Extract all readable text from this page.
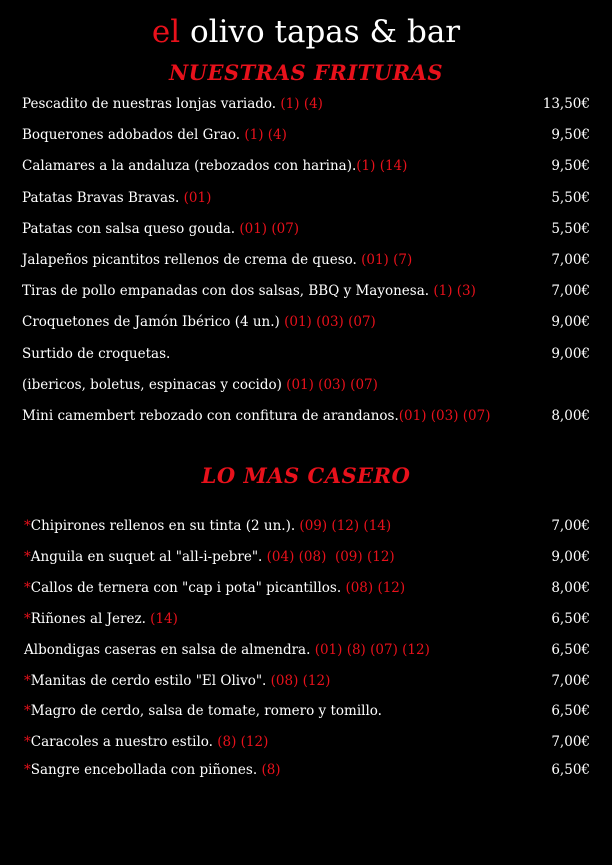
el olivo tapas & bar
NUESTRAS FRITURAS
LO MAS CASERO
Pescadito de nuestras lonjas variado. (1) (4)	13,50€
Boquerones adobados del Grao. (1) (4)	9,50€
Calamares a la andaluza (rebozados con harina).(1) (14)	9,50€
Patatas Bravas Bravas. (01)	5,50€
Patatas con salsa queso gouda. (01) (07)	5,50€
Jalapeños picantitos rellenos de crema de queso. (01) (7)	7,00€
Tiras de pollo empanadas con dos salsas, BBQ y Mayonesa. (1) (3)	7,00€
Croquetones de Jamón Ibérico (4 un.) (01) (03) (07)	9,00€
Surtido de croquetas.	9,00€
(ibericos, boletus, espinacas y cocido) (01) (03) (07)
Mini camembert rebozado con confitura de arandanos.(01) (03) (07)	8,00€
*Chipirones rellenos en su tinta (2 un.). (09) (12) (14)	7,00€
*Anguila en suquet al "all-i-pebre". (04) (08)  (09) (12)	9,00€
*Callos de ternera con "cap i pota" picantillos. (08) (12)	8,00€
*Riñones al Jerez. (14)	6,50€
Albondigas caseras en salsa de almendra. (01) (8) (07) (12)	6,50€
*Manitas de cerdo estilo "El Olivo". (08) (12)	7,00€
*Magro de cerdo, salsa de tomate, romero y tomillo.	6,50€
*Caracoles a nuestro estilo. (8) (12)	7,00€
*Sangre encebollada con piñones. (8)	6,50€
